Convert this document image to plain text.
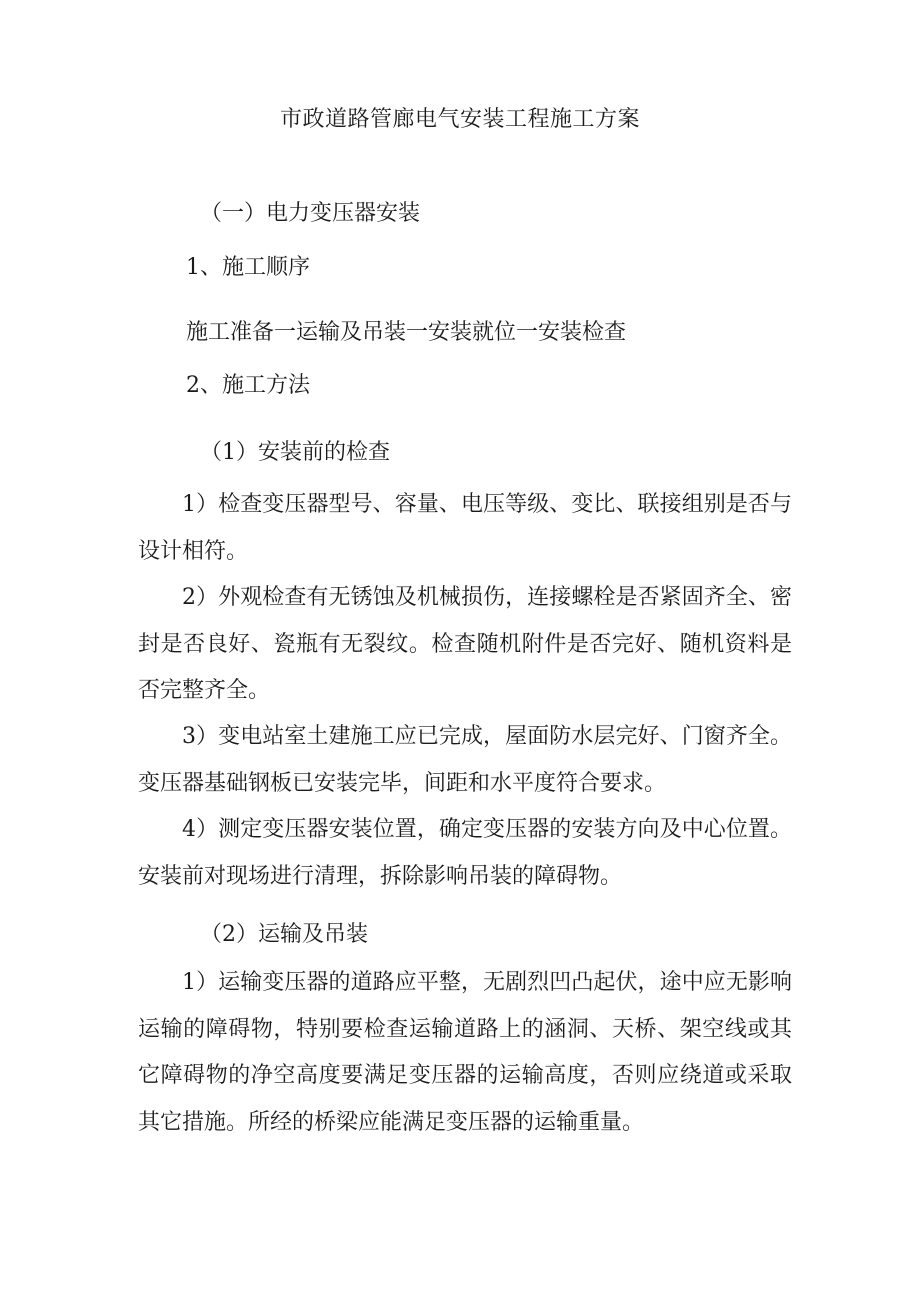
市政道路管廊电气安装工程施工方案

（一）电力变压器安装

1、施工顺序

施工准备一运输及吊装一安装就位一安装检查

2、施工方法

（1）安装前的检查

1）检查变压器型号、容量、电压等级、变比、联接组别是否与设计相符。

2）外观检查有无锈蚀及机械损伤，连接螺栓是否紧固齐全、密封是否良好、瓷瓶有无裂纹。检查随机附件是否完好、随机资料是否完整齐全。

3）变电站室土建施工应已完成，屋面防水层完好、门窗齐全。变压器基础钢板已安装完毕，间距和水平度符合要求。

4）测定变压器安装位置，确定变压器的安装方向及中心位置。安装前对现场进行清理，拆除影响吊装的障碍物。

（2）运输及吊装

1）运输变压器的道路应平整，无剧烈凹凸起伏，途中应无影响运输的障碍物，特别要检查运输道路上的涵洞、天桥、架空线或其它障碍物的净空高度要满足变压器的运输高度，否则应绕道或采取其它措施。所经的桥梁应能满足变压器的运输重量。
